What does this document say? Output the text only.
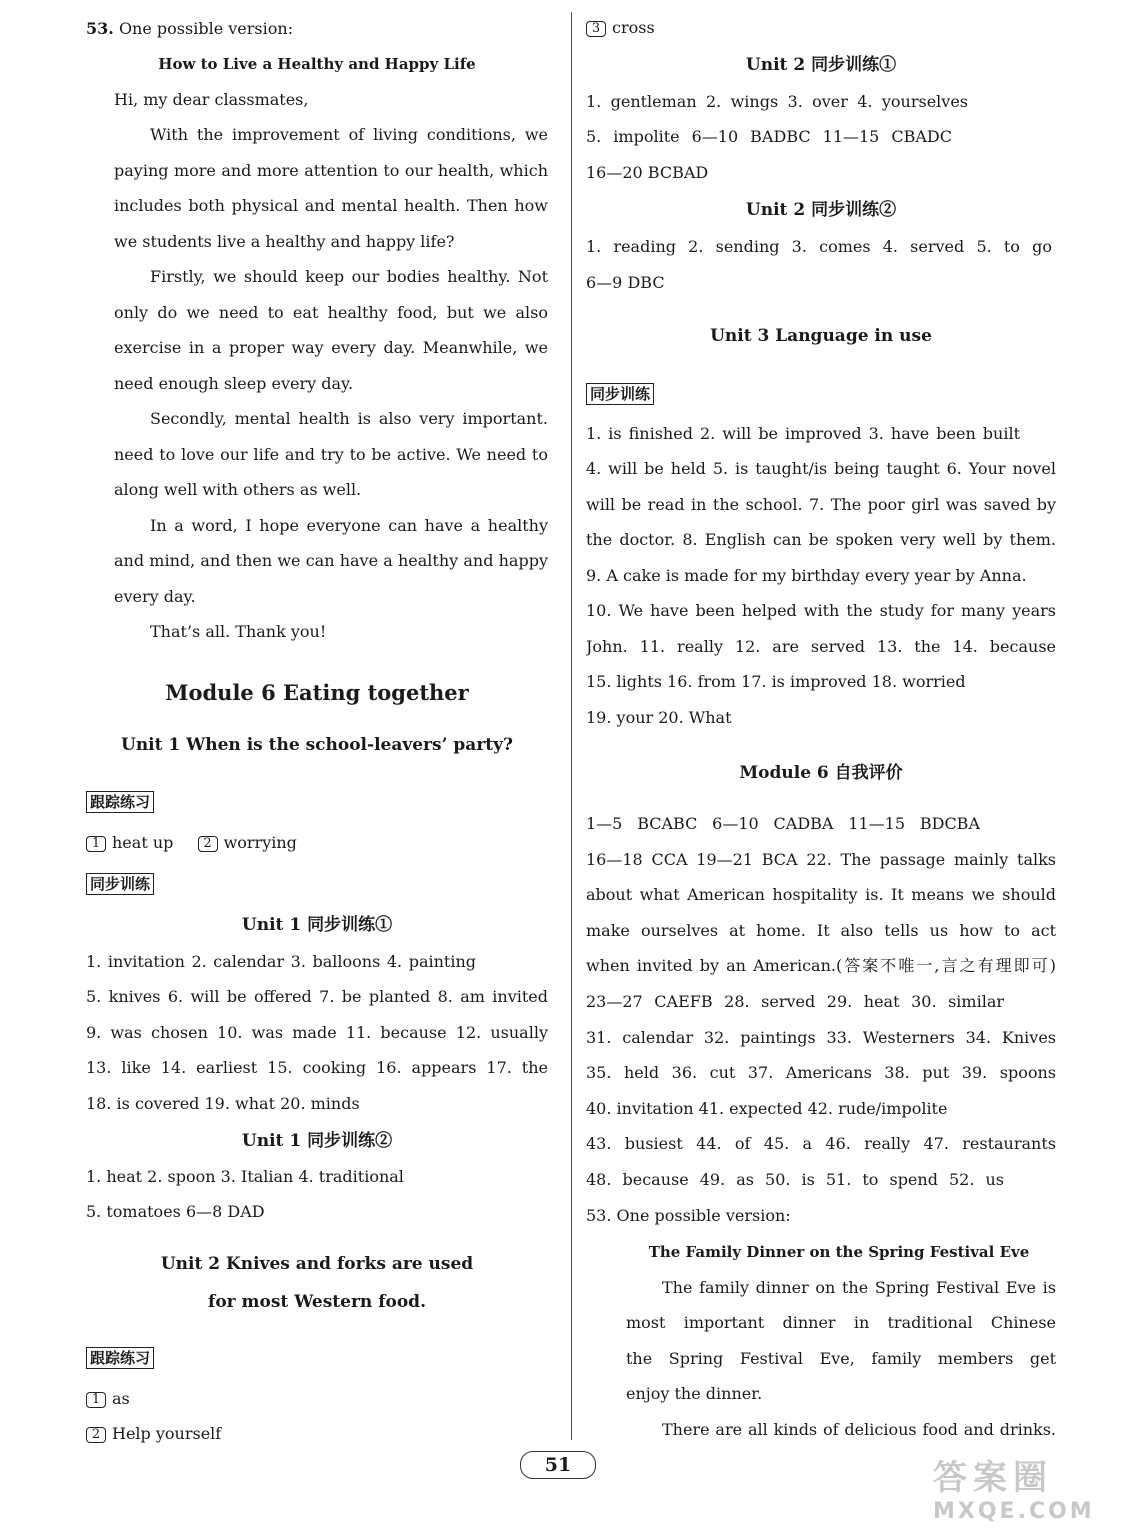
53. One possible version:
How to Live a Healthy and Happy Life
Hi, my dear classmates,
With the improvement of living conditions, we
paying more and more attention to our health, which
includes both physical and mental health. Then how
we students live a healthy and happy life?
Firstly, we should keep our bodies healthy. Not
only do we need to eat healthy food, but we also
exercise in a proper way every day. Meanwhile, we
need enough sleep every day.
Secondly, mental health is also very important.
need to love our life and try to be active. We need to
along well with others as well.
In a word, I hope everyone can have a healthy
and mind, and then we can have a healthy and happy
every day.
That’s all. Thank you!
Module 6 Eating together
Unit 1 When is the school-leavers’ party?
跟踪练习
1 heat up 2 worrying
同步训练
Unit 1 同步训练①
1. invitation 2. calendar 3. balloons 4. painting
5. knives 6. will be offered 7. be planted 8. am invited
9. was chosen 10. was made 11. because 12. usually
13. like 14. earliest 15. cooking 16. appears 17. the
18. is covered 19. what 20. minds
Unit 1 同步训练②
1. heat 2. spoon 3. Italian 4. traditional
5. tomatoes 6—8 DAD
Unit 2 Knives and forks are used
for most Western food.
跟踪练习
1 as
2 Help yourself
3 cross
Unit 2 同步训练①
1. gentleman 2. wings 3. over 4. yourselves
5. impolite 6—10 BADBC 11—15 CBADC
16—20 BCBAD
Unit 2 同步训练②
1. reading 2. sending 3. comes 4. served 5. to go
6—9 DBC
Unit 3 Language in use
同步训练
1. is finished 2. will be improved 3. have been built
4. will be held 5. is taught/is being taught 6. Your novel
will be read in the school. 7. The poor girl was saved by
the doctor. 8. English can be spoken very well by them.
9. A cake is made for my birthday every year by Anna.
10. We have been helped with the study for many years
John. 11. really 12. are served 13. the 14. because
15. lights 16. from 17. is improved 18. worried
19. your 20. What
Module 6 自我评价
1—5 BCABC 6—10 CADBA 11—15 BDCBA
16—18 CCA 19—21 BCA 22. The passage mainly talks
about what American hospitality is. It means we should
make ourselves at home. It also tells us how to act
when invited by an American.(答案不唯一,言之有理即可)
23—27 CAEFB 28. served 29. heat 30. similar
31. calendar 32. paintings 33. Westerners 34. Knives
35. held 36. cut 37. Americans 38. put 39. spoons
40. invitation 41. expected 42. rude/impolite
43. busiest 44. of 45. a 46. really 47. restaurants
48. because 49. as 50. is 51. to spend 52. us
53. One possible version:
The Family Dinner on the Spring Festival Eve
The family dinner on the Spring Festival Eve is
most important dinner in traditional Chinese
the Spring Festival Eve, family members get
enjoy the dinner.
There are all kinds of delicious food and drinks.
51	答案圈
MXQE.COM
